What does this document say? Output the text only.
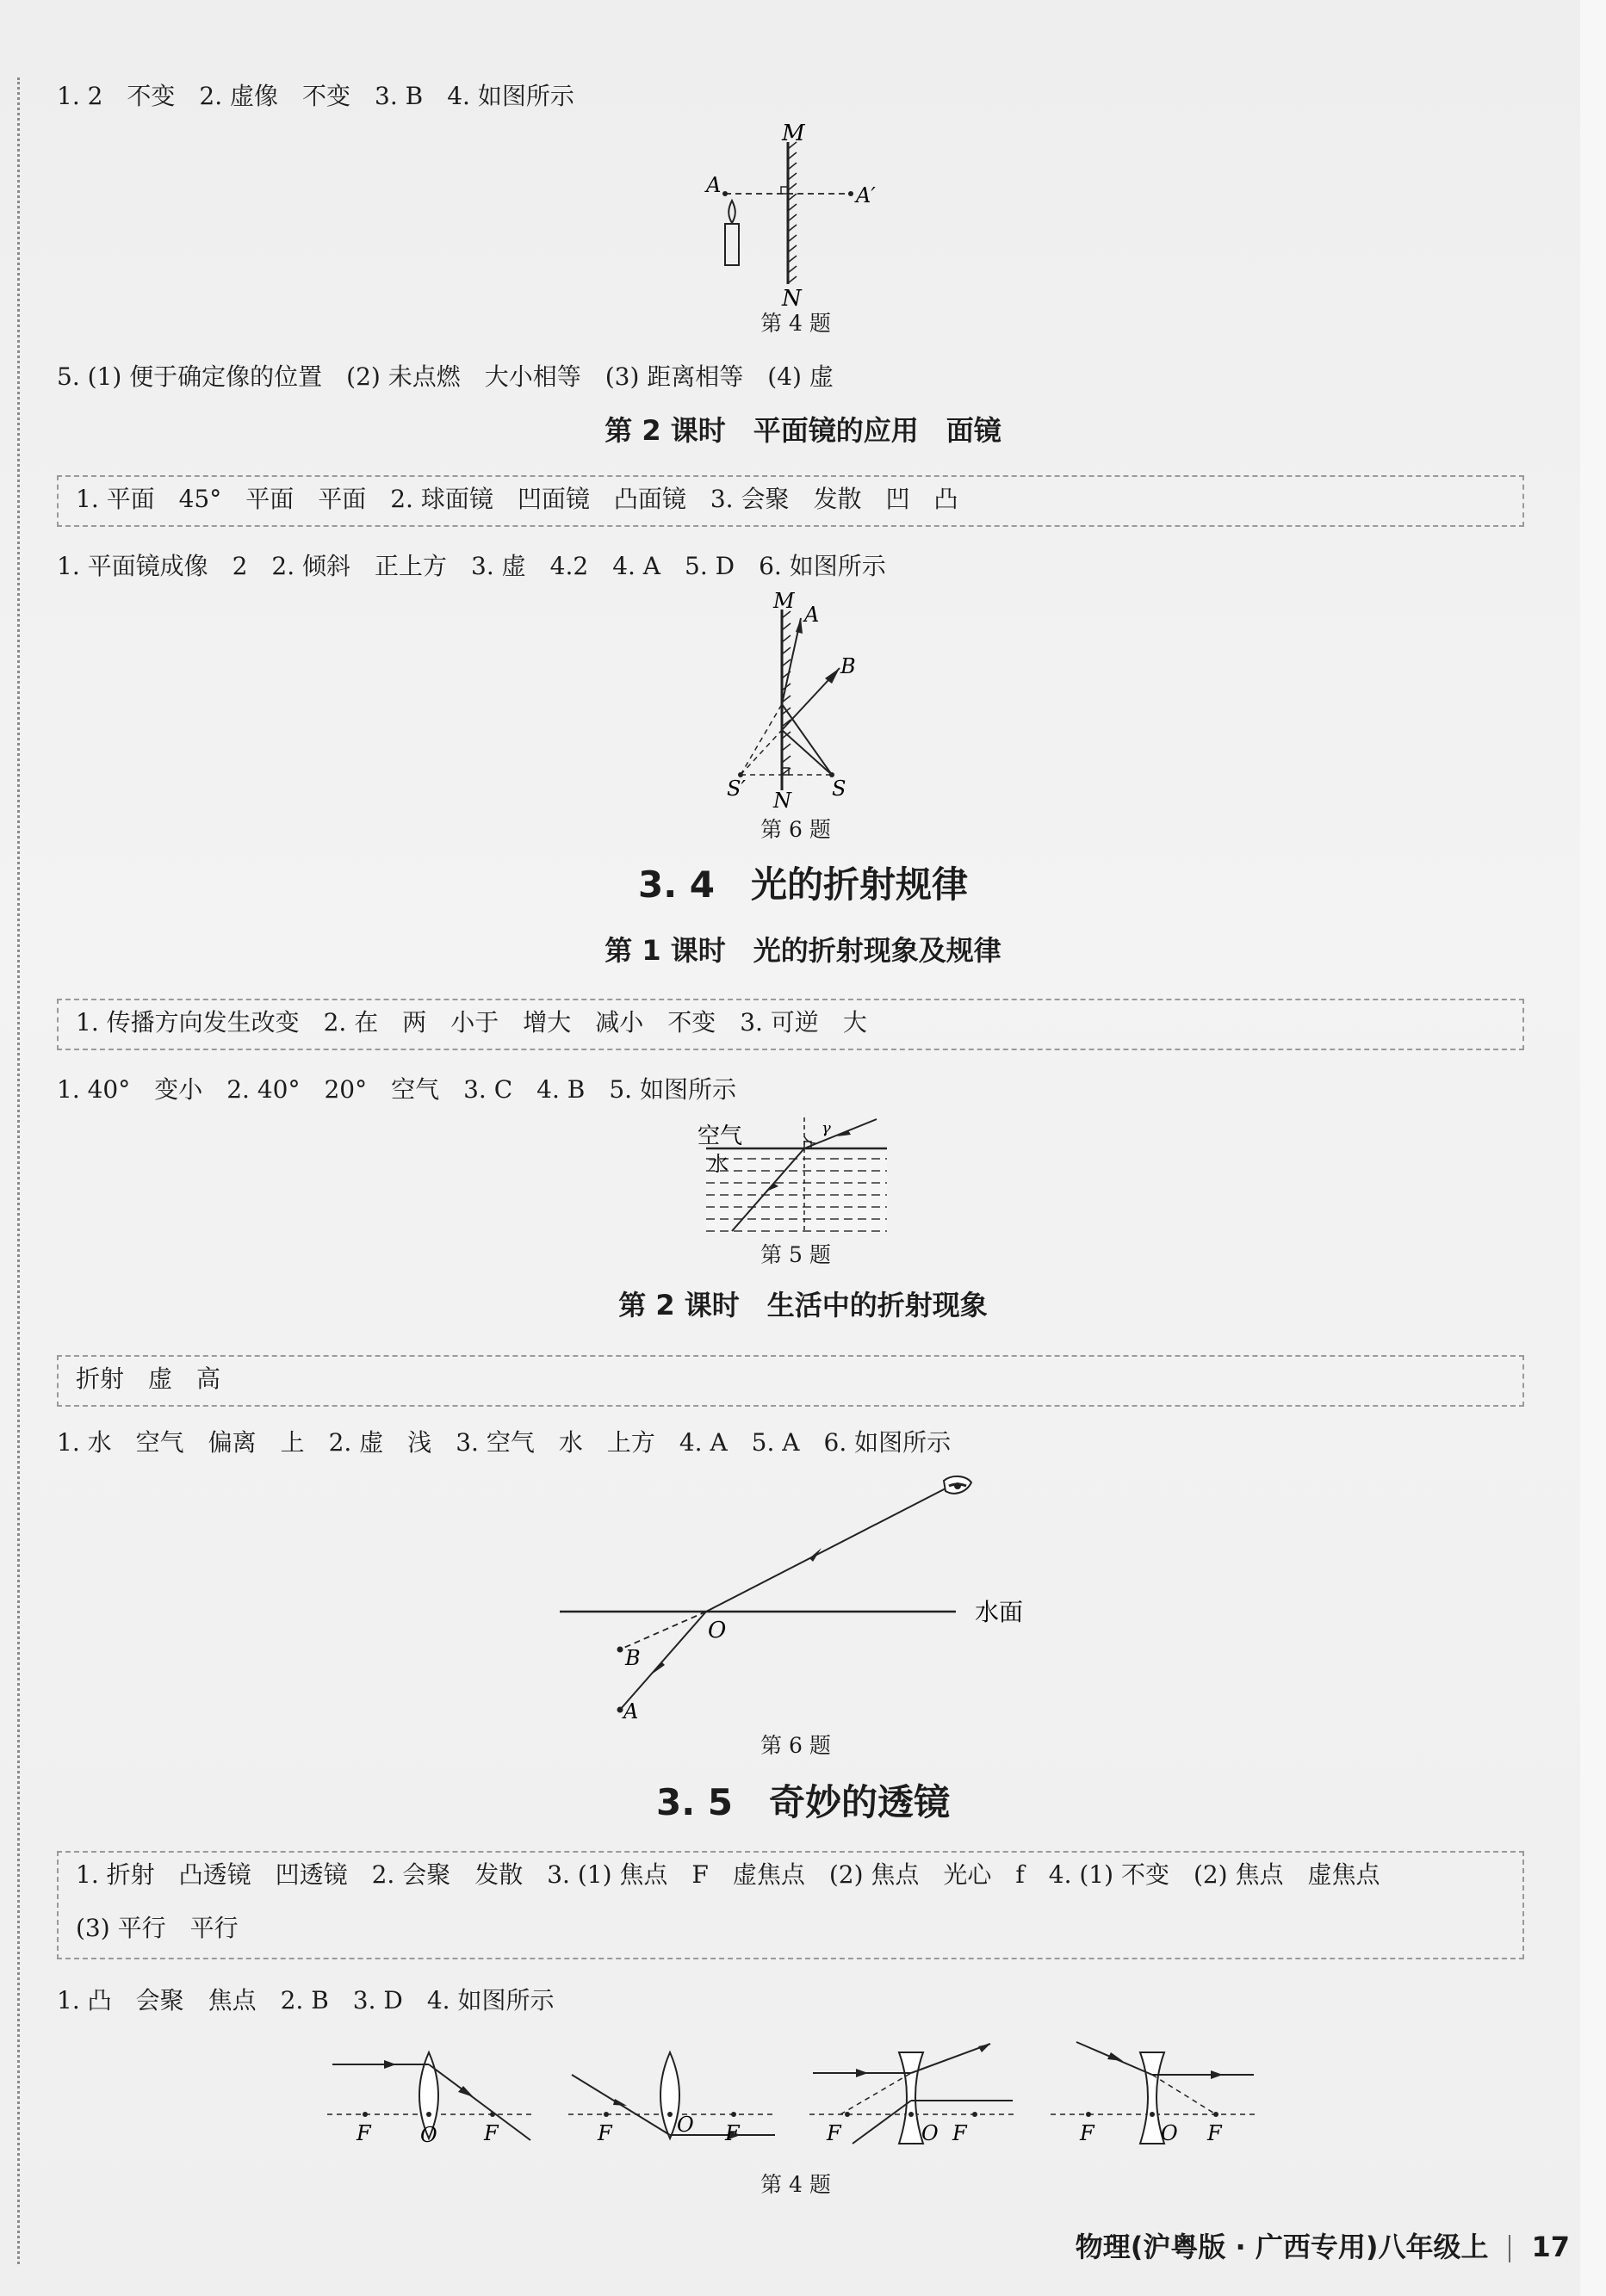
1. 2　不变　2. 虚像　不变　3. B　4. 如图所示
M
N
A	A′
第 4 题
5. (1) 便于确定像的位置　(2) 未点燃　大小相等　(3) 距离相等　(4) 虚
第 2 课时　平面镜的应用　面镜
1. 平面　45°　平面　平面　2. 球面镜　凹面镜　凸面镜　3. 会聚　发散　凹　凸
1. 平面镜成像　2　2. 倾斜　正上方　3. 虚　4.2　4. A　5. D　6. 如图所示
M
N
A
B
S
S′
第 6 题
3. 4　光的折射规律
第 1 课时　光的折射现象及规律
1. 传播方向发生改变　2. 在　两　小于　增大　减小　不变　3. 可逆　大
1. 40°　变小　2. 40°　20°　空气　3. C　4. B　5. 如图所示
γ
空气
水
第 5 题
第 2 课时　生活中的折射现象
折射　虚　高
1. 水　空气　偏离　上　2. 虚　浅　3. 空气　水　上方　4. A　5. A　6. 如图所示
O
A
B
水面
第 6 题
3. 5　奇妙的透镜
1. 折射　凸透镜　凹透镜　2. 会聚　发散　3. (1) 焦点　F　虚焦点　(2) 焦点　光心　f　4. (1) 不变　(2) 焦点　虚焦点
(3) 平行　平行
1. 凸　会聚　焦点　2. B　3. D　4. 如图所示
F O F	F	O F	F	O F	F	O F
第 4 题
物理(沪粤版 · 广西专用)八年级上 17
